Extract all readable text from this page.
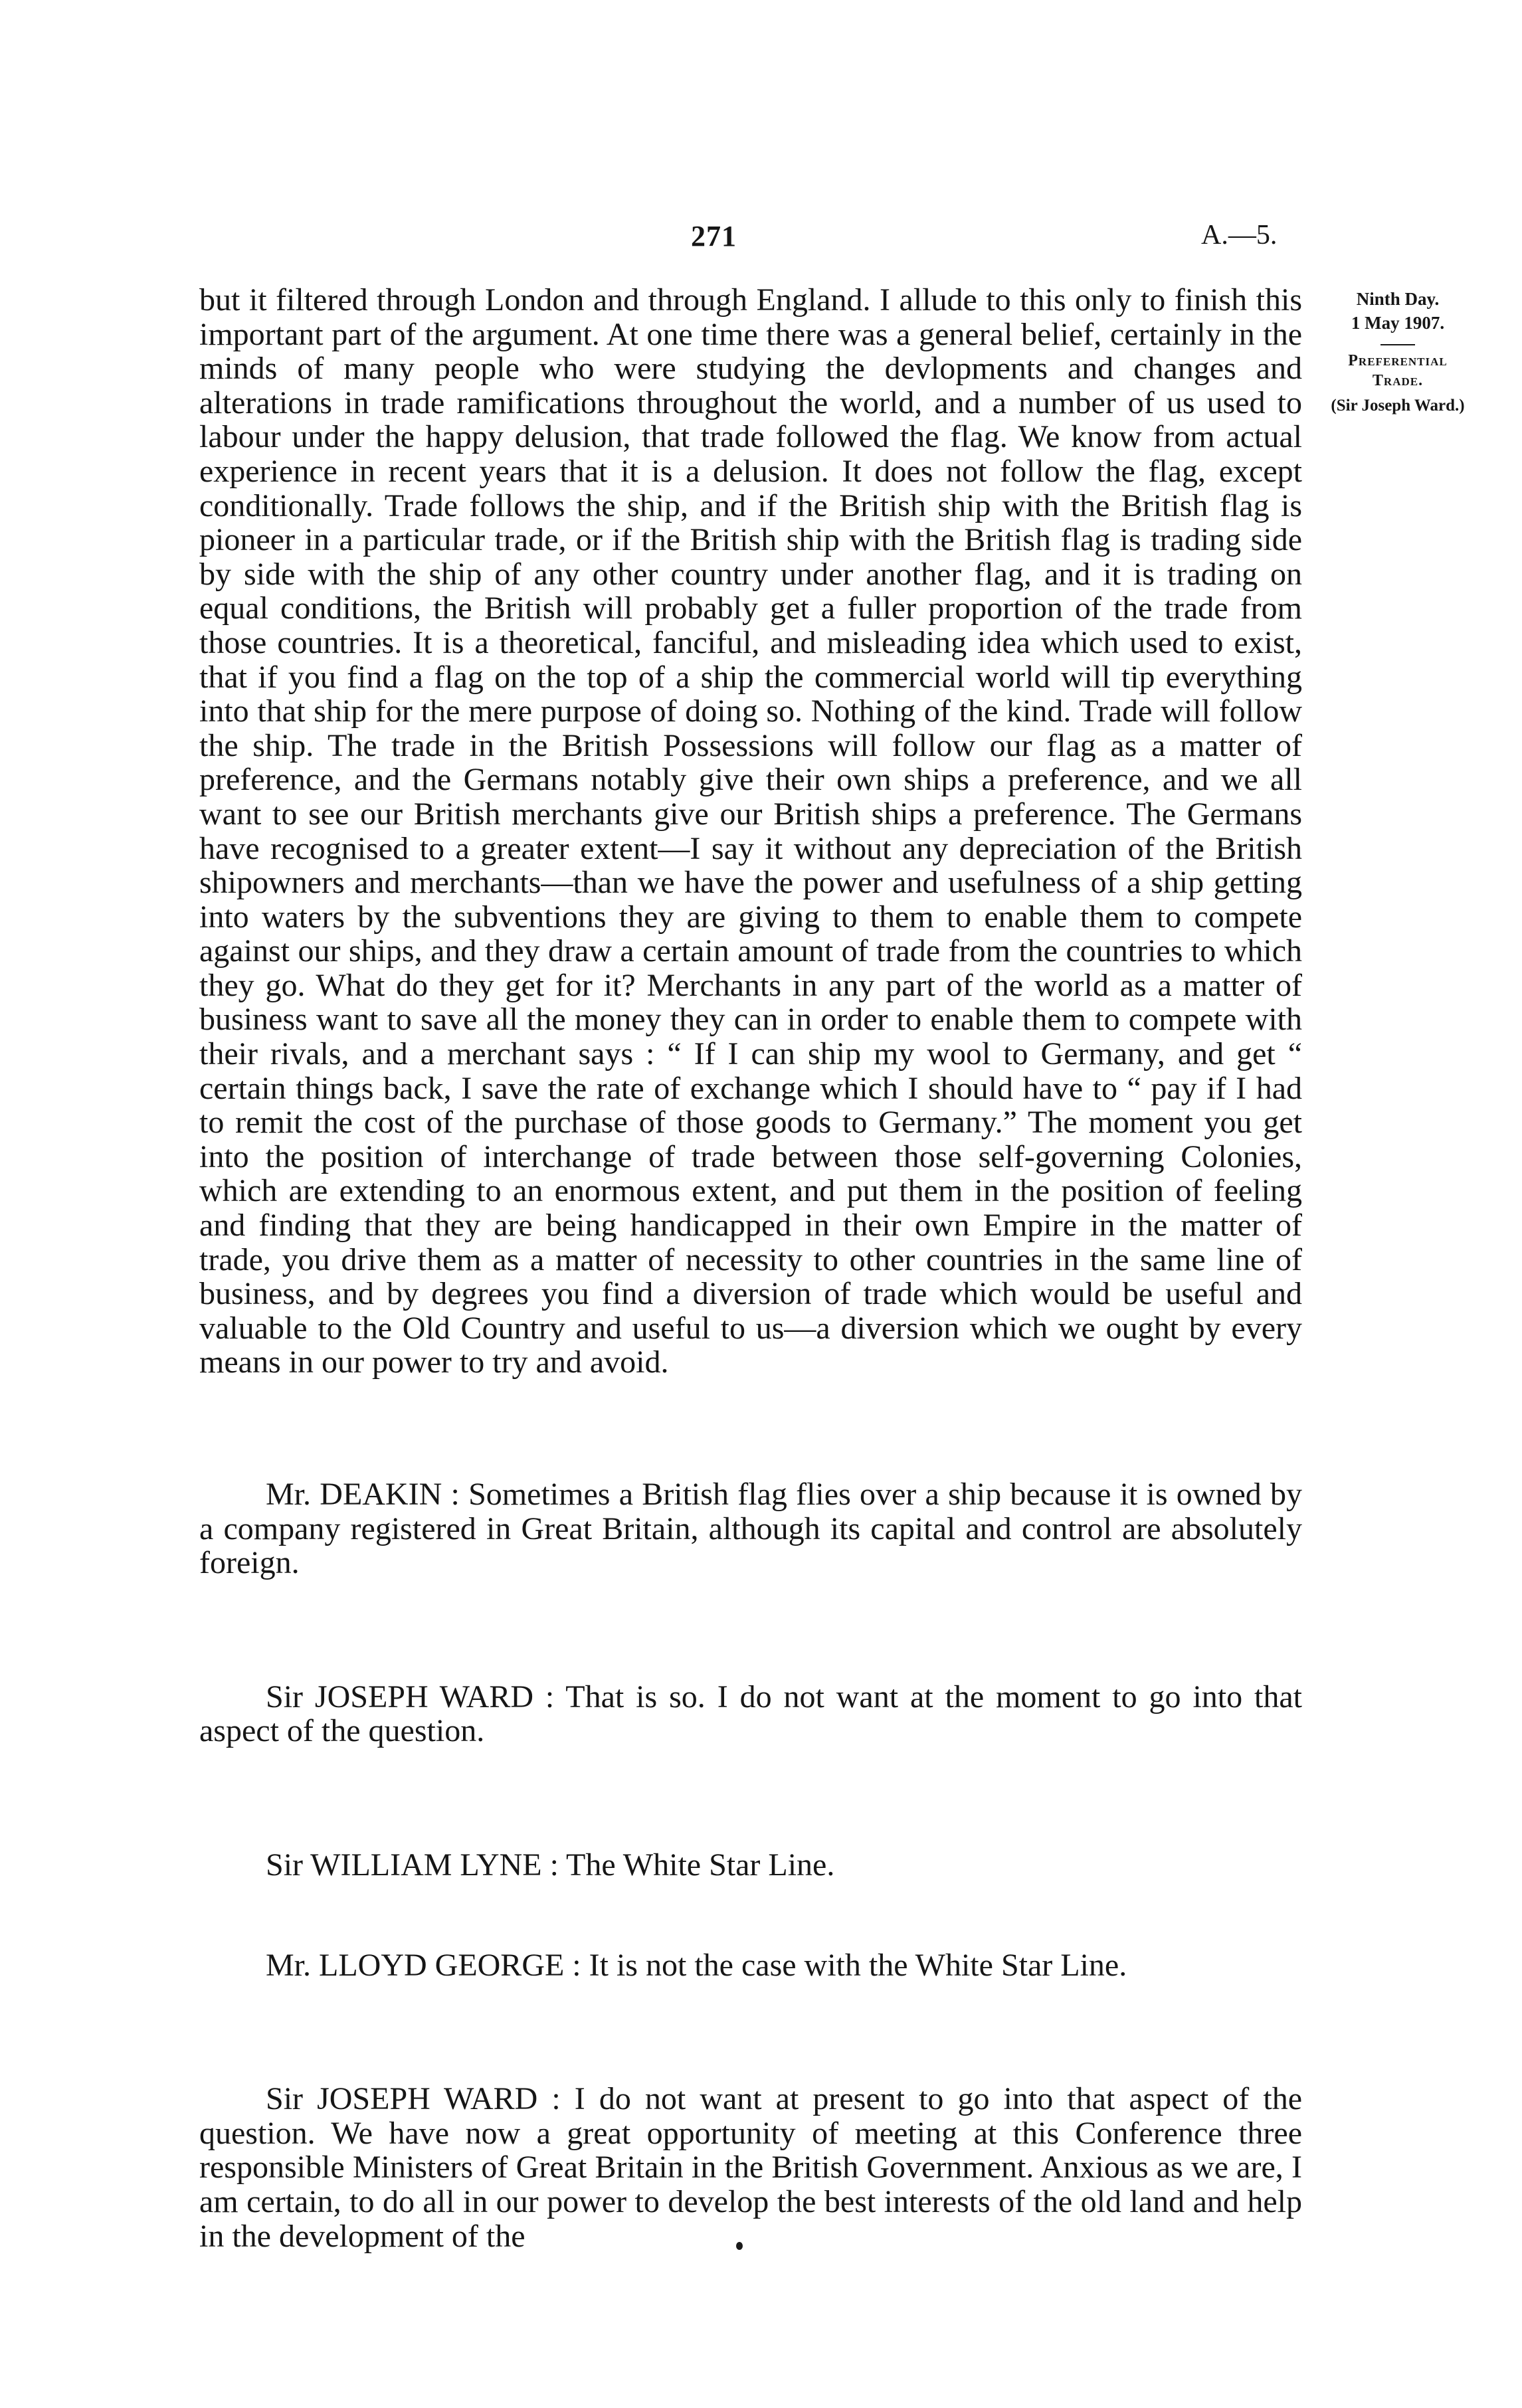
271	A.—5.
Ninth Day.
1 May 1907.
Preferential Trade.
(Sir Joseph Ward.)

but it filtered through London and through England. I allude to this only to finish this important part of the argument. At one time there was a general belief, certainly in the minds of many people who were studying the devlopments and changes and alterations in trade ramifications throughout the world, and a number of us used to labour under the happy delusion, that trade followed the flag. We know from actual experience in recent years that it is a delusion. It does not follow the flag, except conditionally. Trade follows the ship, and if the British ship with the British flag is pioneer in a particular trade, or if the British ship with the British flag is trading side by side with the ship of any other country under another flag, and it is trading on equal conditions, the British will probably get a fuller proportion of the trade from those countries. It is a theoretical, fanciful, and misleading idea which used to exist, that if you find a flag on the top of a ship the commercial world will tip everything into that ship for the mere purpose of doing so. Nothing of the kind. Trade will follow the ship. The trade in the British Possessions will follow our flag as a matter of preference, and the Germans notably give their own ships a preference, and we all want to see our British merchants give our British ships a preference. The Germans have recognised to a greater extent—I say it without any depreciation of the British shipowners and merchants—than we have the power and usefulness of a ship getting into waters by the subventions they are giving to them to enable them to compete against our ships, and they draw a certain amount of trade from the countries to which they go. What do they get for it? Merchants in any part of the world as a matter of business want to save all the money they can in order to enable them to compete with their rivals, and a merchant says : “ If I can ship my wool to Germany, and get “ certain things back, I save the rate of exchange which I should have to “ pay if I had to remit the cost of the purchase of those goods to Germany.” The moment you get into the position of interchange of trade between those self-governing Colonies, which are extending to an enormous extent, and put them in the position of feeling and finding that they are being handicapped in their own Empire in the matter of trade, you drive them as a matter of necessity to other countries in the same line of business, and by degrees you find a diversion of trade which would be useful and valuable to the Old Country and useful to us—a diversion which we ought by every means in our power to try and avoid.

Mr. DEAKIN : Sometimes a British flag flies over a ship because it is owned by a company registered in Great Britain, although its capital and control are absolutely foreign.

Sir JOSEPH WARD : That is so. I do not want at the moment to go into that aspect of the question.

Sir WILLIAM LYNE : The White Star Line.

Mr. LLOYD GEORGE : It is not the case with the White Star Line.

Sir JOSEPH WARD : I do not want at present to go into that aspect of the question. We have now a great opportunity of meeting at this Conference three responsible Ministers of Great Britain in the British Government. Anxious as we are, I am certain, to do all in our power to develop the best interests of the old land and help in the development of the
